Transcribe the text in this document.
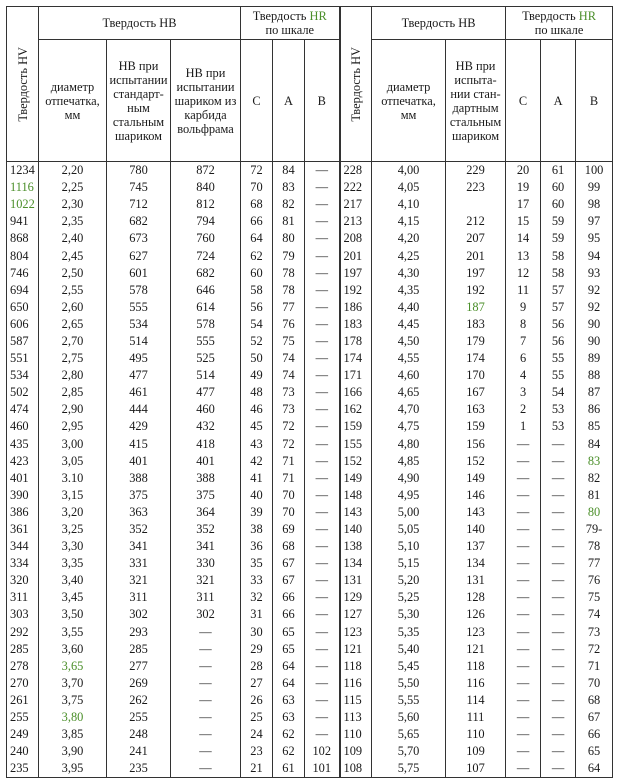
Твердость HV	Твердость НВ			Твердость HR
по шкале			Твердость HV	Твердость НВ		Твердость HR
по шкале		
	диаметр отпечатка, мм	НВ при испытании стандарт-ным стальным шариком	НВ при испытании шариком из карбида вольфрама	C	A	B		диаметр отпечатка, мм	НВ при испыта-нии стан-дартным стальным шариком	C	A	B
1234	2,20	780	872	72	84	—	228	4,00	229	20	61	100
1116	2,25	745	840	70	83	—	222	4,05	223	19	60	99
1022	2,30	712	812	68	82	—	217	4,10		17	60	98
941	2,35	682	794	66	81	—	213	4,15	212	15	59	97
868	2,40	673	760	64	80	—	208	4,20	207	14	59	95
804	2,45	627	724	62	79	—	201	4,25	201	13	58	94
746	2,50	601	682	60	78	—	197	4,30	197	12	58	93
694	2,55	578	646	58	78	—	192	4,35	192	11	57	92
650	2,60	555	614	56	77	—	186	4,40	187	9	57	92
606	2,65	534	578	54	76	—	183	4,45	183	8	56	90
587	2,70	514	555	52	75	—	178	4,50	179	7	56	90
551	2,75	495	525	50	74	—	174	4,55	174	6	55	89
534	2,80	477	514	49	74	—	171	4,60	170	4	55	88
502	2,85	461	477	48	73	—	166	4,65	167	3	54	87
474	2,90	444	460	46	73	—	162	4,70	163	2	53	86
460	2,95	429	432	45	72	—	159	4,75	159	1	53	85
435	3,00	415	418	43	72	—	155	4,80	156	—	—	84
423	3,05	401	401	42	71	—	152	4,85	152	—	—	83
401	3.10	388	388	41	71	—	149	4,90	149	—	—	82
390	3,15	375	375	40	70	—	148	4,95	146	—	—	81
386	3,20	363	364	39	70	—	143	5,00	143	—	—	80
361	3,25	352	352	38	69	—	140	5,05	140	—	—	79-
344	3,30	341	341	36	68	—	138	5,10	137	—	—	78
334	3,35	331	330	35	67	—	134	5,15	134	—	—	77
320	3,40	321	321	33	67	—	131	5,20	131	—	—	76
311	3,45	311	311	32	66	—	129	5,25	128	—	—	75
303	3,50	302	302	31	66	—	127	5,30	126	—	—	74
292	3,55	293	—	30	65	—	123	5,35	123	—	—	73
285	3,60	285	—	29	65	—	121	5,40	121	—	—	72
278	3,65	277	—	28	64	—	118	5,45	118	—	—	71
270	3,70	269	—	27	64	—	116	5,50	116	—	—	70
261	3,75	262	—	26	63	—	115	5,55	114	—	—	68
255	3,80	255	—	25	63	—	113	5,60	111	—	—	67
249	3,85	248	—	24	62	—	110	5,65	110	—	—	66
240	3,90	241	—	23	62	102	109	5,70	109	—	—	65
235	3,95	235	—	21	61	101	108	5,75	107	—	—	64
